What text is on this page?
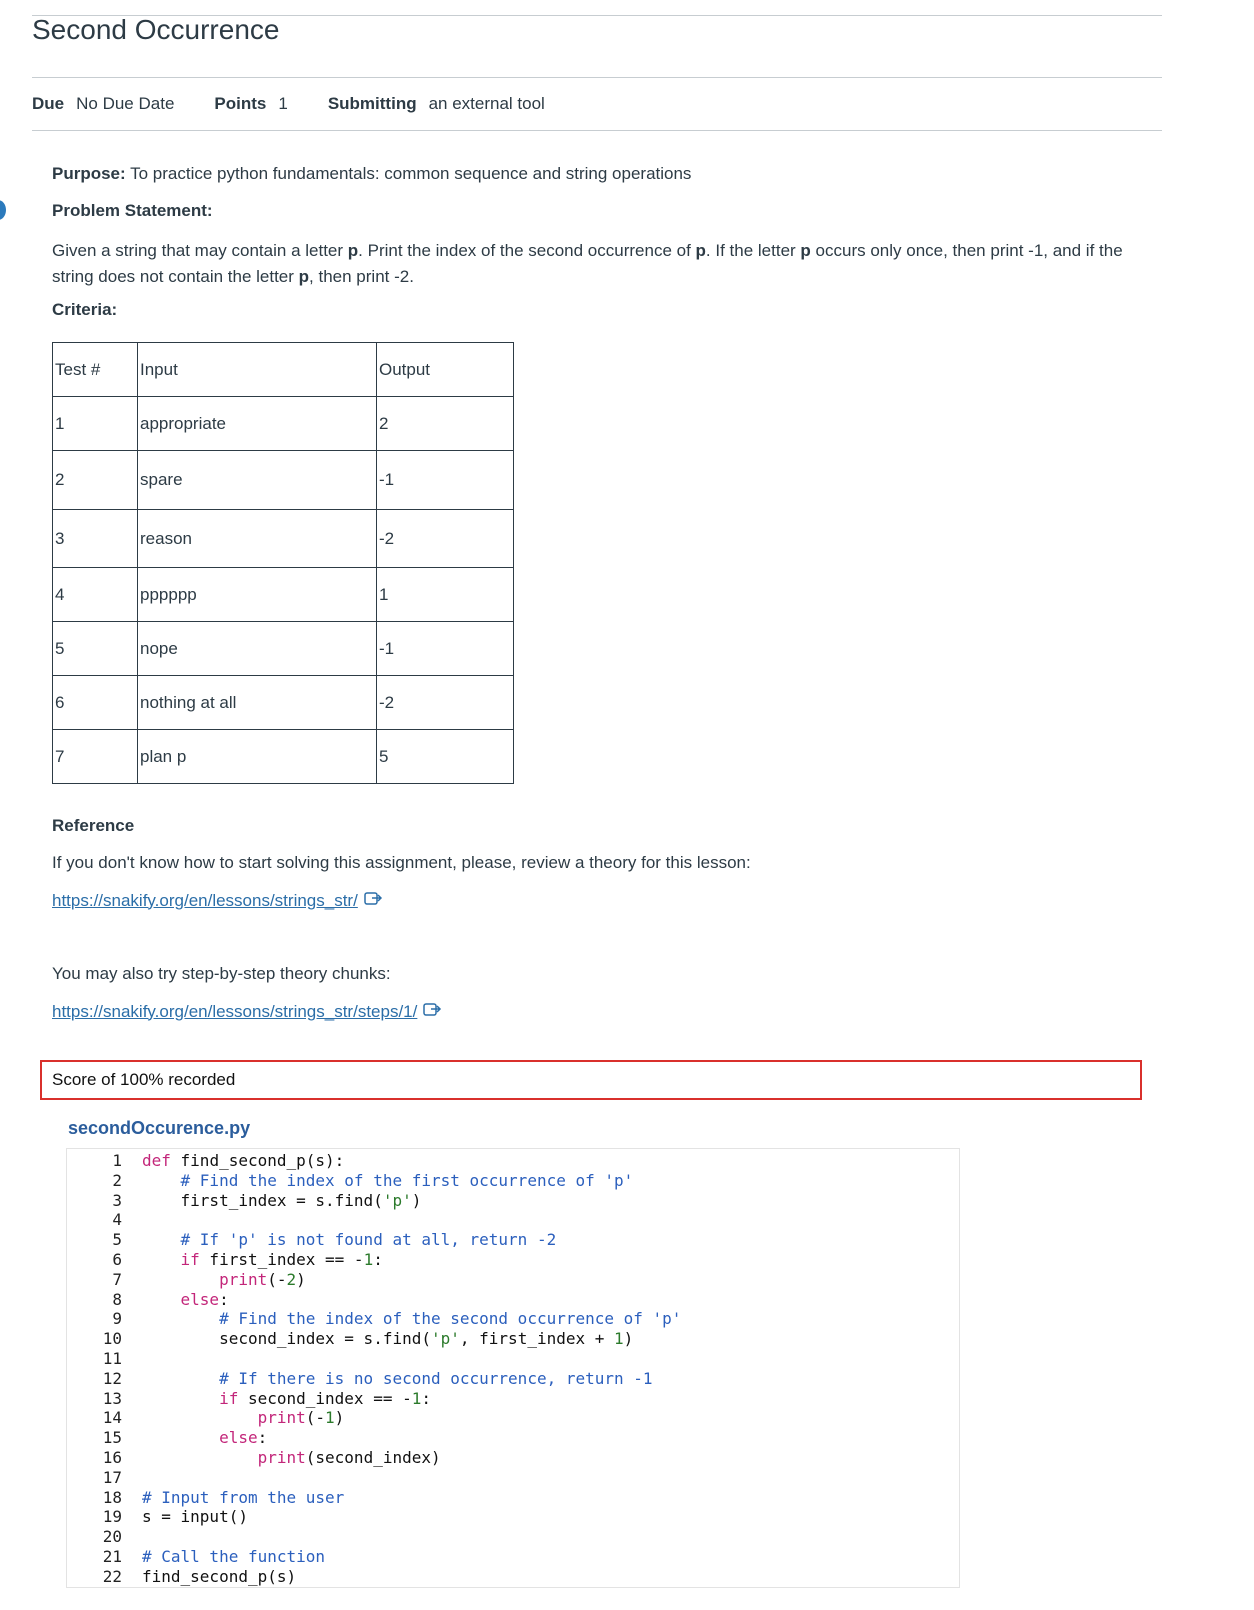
Second Occurrence
Due No Due Date Points 1 Submitting an external tool
Purpose: To practice python fundamentals: common sequence and string operations
Problem Statement:
Given a string that may contain a letter p. Print the index of the second occurrence of p. If the letter p occurs only once, then print -1, and if the string does not contain the letter p, then print -2.
Criteria:
Test #	Input	Output
1	appropriate	2
2	spare	-1
3	reason	-2
4	pppppp	1
5	nope	-1
6	nothing at all	-2
7	plan p	5
Reference
If you don't know how to start solving this assignment, please, review a theory for this lesson:
https://snakify.org/en/lessons/strings_str/
You may also try step-by-step theory chunks:
https://snakify.org/en/lessons/strings_str/steps/1/
Score of 100% recorded
secondOccurence.py
1	def find_second_p(s):
2	# Find the index of the first occurrence of 'p'
3	first_index = s.find('p')
4
5	# If 'p' is not found at all, return -2
6	if first_index == -1:
7	print(-2)
8	else:
9	# Find the index of the second occurrence of 'p'
10	second_index = s.find('p', first_index + 1)
11
12	# If there is no second occurrence, return -1
13	if second_index == -1:
14	print(-1)
15	else:
16	print(second_index)
17
18	# Input from the user
19	s = input()
20
21	# Call the function
22	find_second_p(s)
